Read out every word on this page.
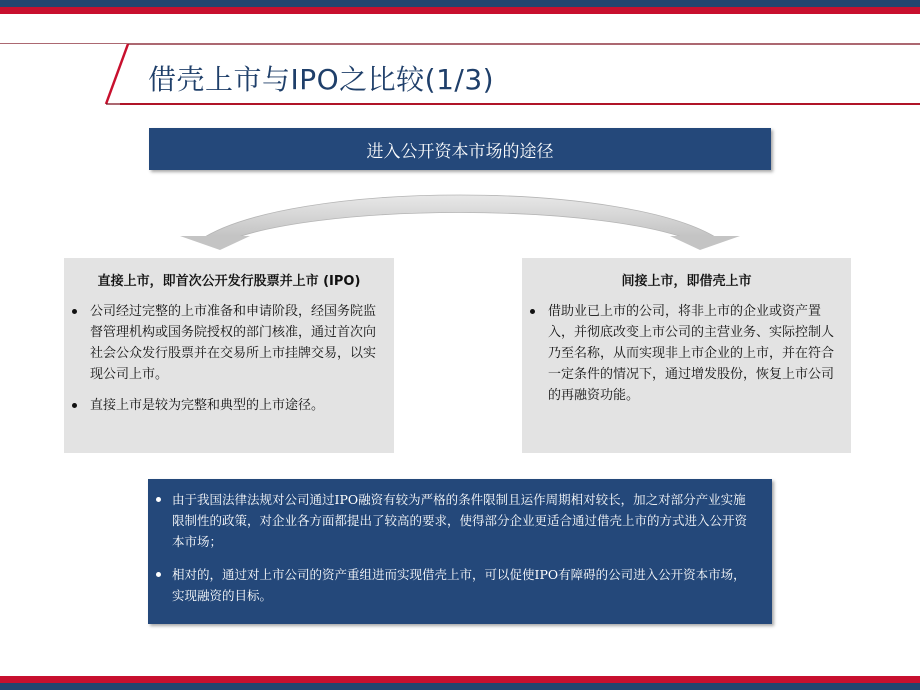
借壳上市与IPO之比较(1/3)
进入公开资本市场的途径
直接上市，即首次公开发行股票并上市 (IPO)
公司经过完整的上市准备和申请阶段，经国务院监督管理机构或国务院授权的部门核准，通过首次向社会公众发行股票并在交易所上市挂牌交易，以实现公司上市。
直接上市是较为完整和典型的上市途径。
间接上市，即借壳上市
借助业已上市的公司，将非上市的企业或资产置入，并彻底改变上市公司的主营业务、实际控制人乃至名称，从而实现非上市企业的上市，并在符合一定条件的情况下，通过增发股份，恢复上市公司的再融资功能。
由于我国法律法规对公司通过IPO融资有较为严格的条件限制且运作周期相对较长，加之对部分产业实施限制性的政策，对企业各方面都提出了较高的要求，使得部分企业更适合通过借壳上市的方式进入公开资本市场；
相对的，通过对上市公司的资产重组进而实现借壳上市，可以促使IPO有障碍的公司进入公开资本市场，实现融资的目标。
